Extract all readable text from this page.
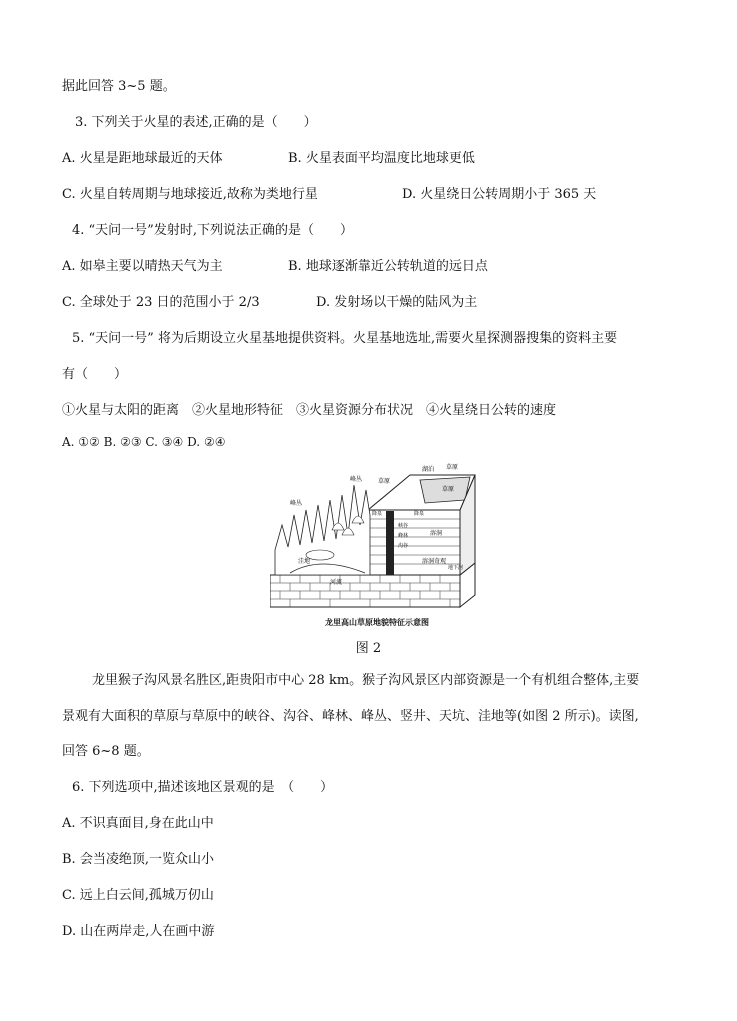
据此回答 3~5 题。
3. 下列关于火星的表述,正确的是（　　）
A. 火星是距地球最近的天体	B. 火星表面平均温度比地球更低
C. 火星自转周期与地球接近,故称为类地行星	D. 火星绕日公转周期小于 365 天
4. “天问一号”发射时,下列说法正确的是（　　）
A. 如皋主要以晴热天气为主	B. 地球逐渐靠近公转轨道的远日点
C. 全球处于 23 日的范围小于 2/3	D. 发射场以干燥的陆风为主
5. “天问一号” 将为后期设立火星基地提供资料。火星基地选址,需要火星探测器搜集的资料主要
有（　　）
①火星与太阳的距离　②火星地形特征　③火星资源分布状况　④火星绕日公转的速度
A. ①② B. ②③ C. ③④ D. ②④
湖泊 草原
草原
草原
峰丛
峰丛
洼地
河流
溶洞
溶洞奇观
地下河
降泉	降泉
峡谷
峰林
沟谷
龙里高山草原地貌特征示意图
图 2
龙里猴子沟风景名胜区,距贵阳市中心 28 km。猴子沟风景区内部资源是一个有机组合整体,主要
景观有大面积的草原与草原中的峡谷、沟谷、峰林、峰丛、竖井、天坑、洼地等(如图 2 所示)。读图,
回答 6~8 题。
6. 下列选项中,描述该地区景观的是　（　　）
A. 不识真面目,身在此山中
B. 会当凌绝顶,一览众山小
C. 远上白云间,孤城万仞山
D. 山在两岸走,人在画中游
